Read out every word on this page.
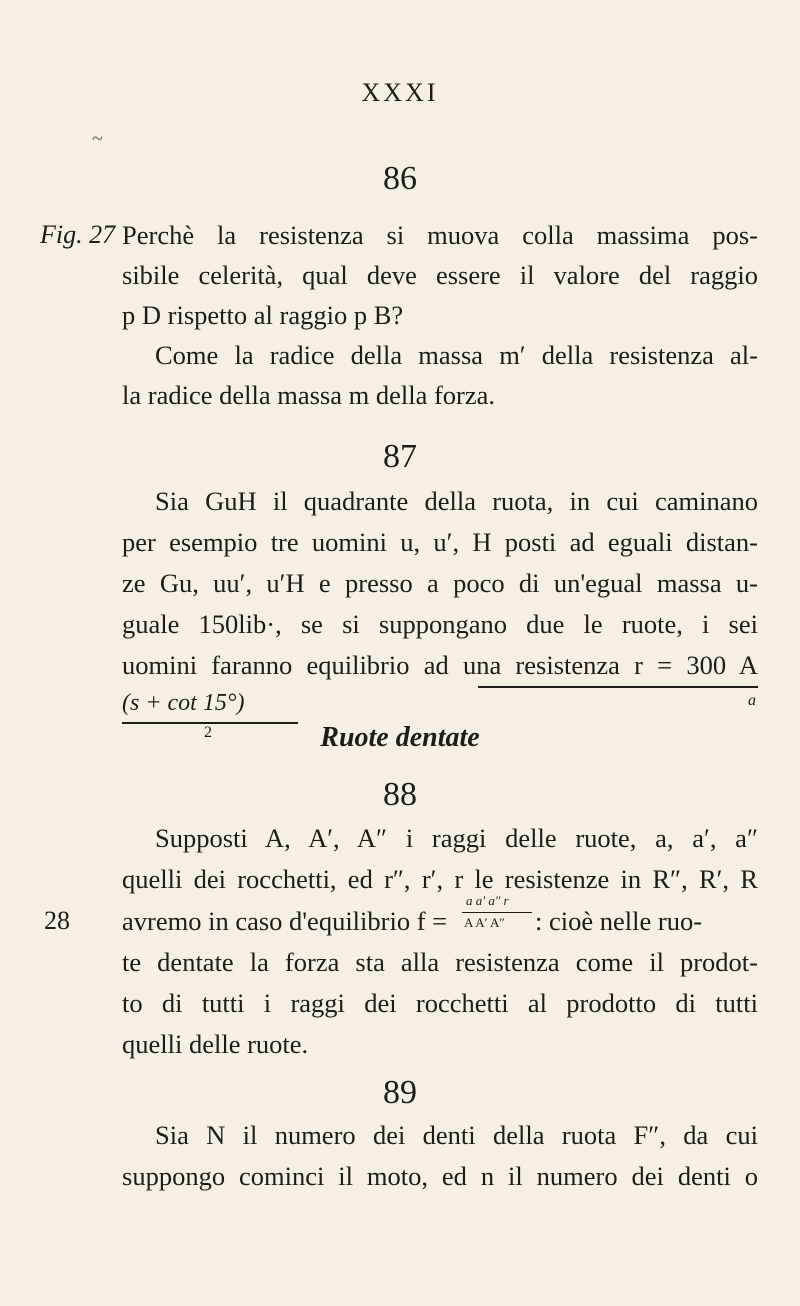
XXXI
~
86
Fig. 27 Perchè la resistenza si muova colla massima pos-
sibile celerità, qual deve essere il valore del raggio
p D rispetto al raggio p B?
Come la radice della massa m′ della resistenza al-
la radice della massa m della forza.
87
Sia GuH il quadrante della ruota, in cui caminano
per esempio tre uomini u, u′, H posti ad eguali distan-
ze Gu, uu′, u′H e presso a poco di un'egual massa u-
guale 150lib·, se si suppongano due le ruote, i sei
uomini faranno equilibrio ad una resistenza r = 300 A
(s + cot 15°)	a
2	Ruote dentate
88
Supposti A, A′, A″ i raggi delle ruote, a, a′, a″
quelli dei rocchetti, ed r″, r′, r le resistenze in R″, R′, R
28 avremo in caso d'equilibrio f =
a a′ a″ r
A A′ A″ : cioè nelle ruo-
te dentate la forza sta alla resistenza come il prodot-
to di tutti i raggi dei rocchetti al prodotto di tutti
quelli delle ruote.
89
Sia N il numero dei denti della ruota F″, da cui
suppongo cominci il moto, ed n il numero dei denti o
